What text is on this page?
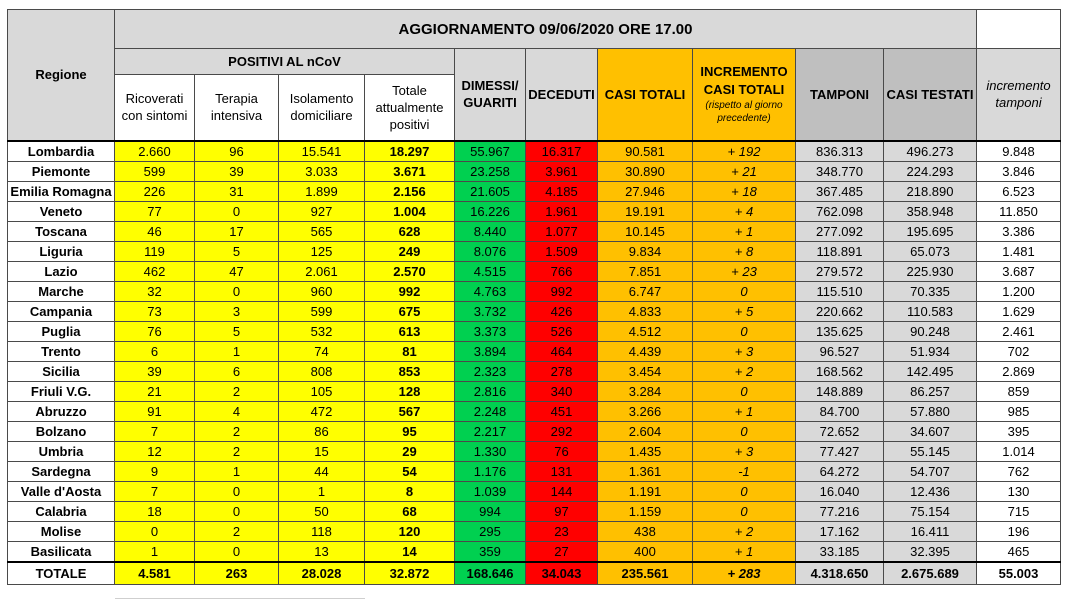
Regione	AGGIORNAMENTO 09/06/2020 ORE 17.00										
	POSITIVI AL nCoV				DIMESSI/ GUARITI	DECEDUTI	CASI TOTALI	INCREMENTO CASI TOTALI
(rispetto al giorno precedente)	TAMPONI	CASI TESTATI	incremento tamponi
	Ricoverati con sintomi	Terapia intensiva	Isolamento domiciliare	Totale attualmente positivi							
Lombardia	2.660	96	15.541	18.297	55.967	16.317	90.581	+ 192	836.313	496.273	9.848
Piemonte	599	39	3.033	3.671	23.258	3.961	30.890	+ 21	348.770	224.293	3.846
Emilia Romagna	226	31	1.899	2.156	21.605	4.185	27.946	+ 18	367.485	218.890	6.523
Veneto	77	0	927	1.004	16.226	1.961	19.191	+ 4	762.098	358.948	11.850
Toscana	46	17	565	628	8.440	1.077	10.145	+ 1	277.092	195.695	3.386
Liguria	119	5	125	249	8.076	1.509	9.834	+ 8	118.891	65.073	1.481
Lazio	462	47	2.061	2.570	4.515	766	7.851	+ 23	279.572	225.930	3.687
Marche	32	0	960	992	4.763	992	6.747	0	115.510	70.335	1.200
Campania	73	3	599	675	3.732	426	4.833	+ 5	220.662	110.583	1.629
Puglia	76	5	532	613	3.373	526	4.512	0	135.625	90.248	2.461
Trento	6	1	74	81	3.894	464	4.439	+ 3	96.527	51.934	702
Sicilia	39	6	808	853	2.323	278	3.454	+ 2	168.562	142.495	2.869
Friuli V.G.	21	2	105	128	2.816	340	3.284	0	148.889	86.257	859
Abruzzo	91	4	472	567	2.248	451	3.266	+ 1	84.700	57.880	985
Bolzano	7	2	86	95	2.217	292	2.604	0	72.652	34.607	395
Umbria	12	2	15	29	1.330	76	1.435	+ 3	77.427	55.145	1.014
Sardegna	9	1	44	54	1.176	131	1.361	-1	64.272	54.707	762
Valle d'Aosta	7	0	1	8	1.039	144	1.191	0	16.040	12.436	130
Calabria	18	0	50	68	994	97	1.159	0	77.216	75.154	715
Molise	0	2	118	120	295	23	438	+ 2	17.162	16.411	196
Basilicata	1	0	13	14	359	27	400	+ 1	33.185	32.395	465
TOTALE	4.581	263	28.028	32.872	168.646	34.043	235.561	+ 283	4.318.650	2.675.689	55.003
